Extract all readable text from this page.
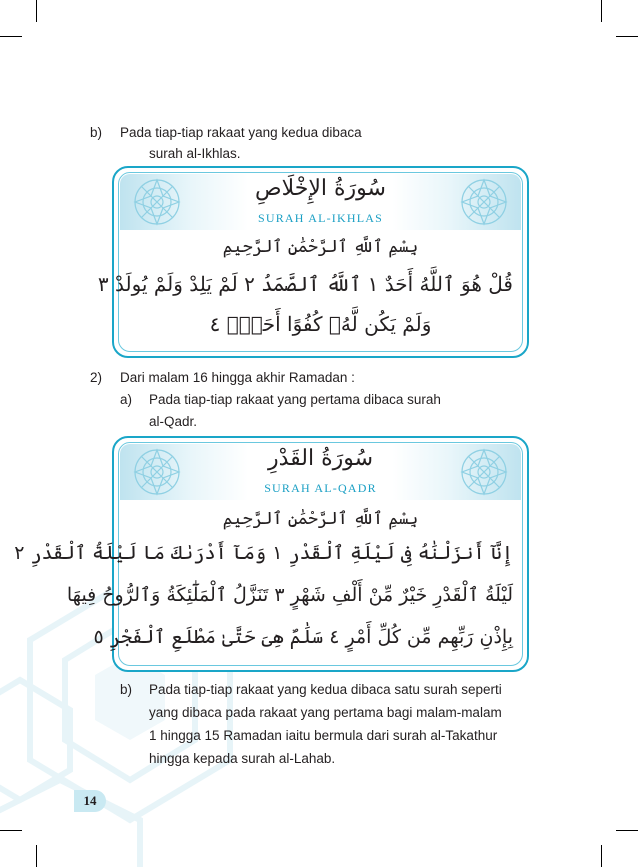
b) Pada tiap-tiap rakaat yang kedua dibaca
surah al-Ikhlas.
سُورَةُ الإِخْلَاصِ
SURAH AL-IKHLAS
بِسْمِ ٱللَّهِ ٱلرَّحْمَٰنِ ٱلرَّحِيمِ
قُلْ هُوَ ٱللَّهُ أَحَدٌ ١ ٱللَّهُ ٱلصَّمَدُ ٢ لَمْ يَلِدْ وَلَمْ يُولَدْ ٣
وَلَمْ يَكُن لَّهُۥ كُفُوًا أَحَدٌۢ ٤
2) Dari malam 16 hingga akhir Ramadan :
a) Pada tiap-tiap rakaat yang pertama dibaca surah
al-Qadr.
سُورَةُ القَدْرِ
SURAH AL-QADR
بِسْمِ ٱللَّهِ ٱلرَّحْمَٰنِ ٱلرَّحِيمِ
إِنَّآ أَنزَلْنَٰهُ فِى لَيْلَةِ ٱلْقَدْرِ ١ وَمَآ أَدْرَىٰكَ مَا لَيْلَةُ ٱلْقَدْرِ ٢
لَيْلَةُ ٱلْقَدْرِ خَيْرٌ مِّنْ أَلْفِ شَهْرٍ ٣ تَنَزَّلُ ٱلْمَلَٰٓئِكَةُ وَٱلرُّوحُ فِيهَا
بِإِذْنِ رَبِّهِم مِّن كُلِّ أَمْرٍ ٤ سَلَٰمٌ هِىَ حَتَّىٰ مَطْلَعِ ٱلْفَجْرِ ٥
b) Pada tiap-tiap rakaat yang kedua dibaca satu surah seperti
yang dibaca pada rakaat yang pertama bagi malam-malam
1 hingga 15 Ramadan iaitu bermula dari surah al-Takathur
hingga kepada surah al-Lahab.
14
